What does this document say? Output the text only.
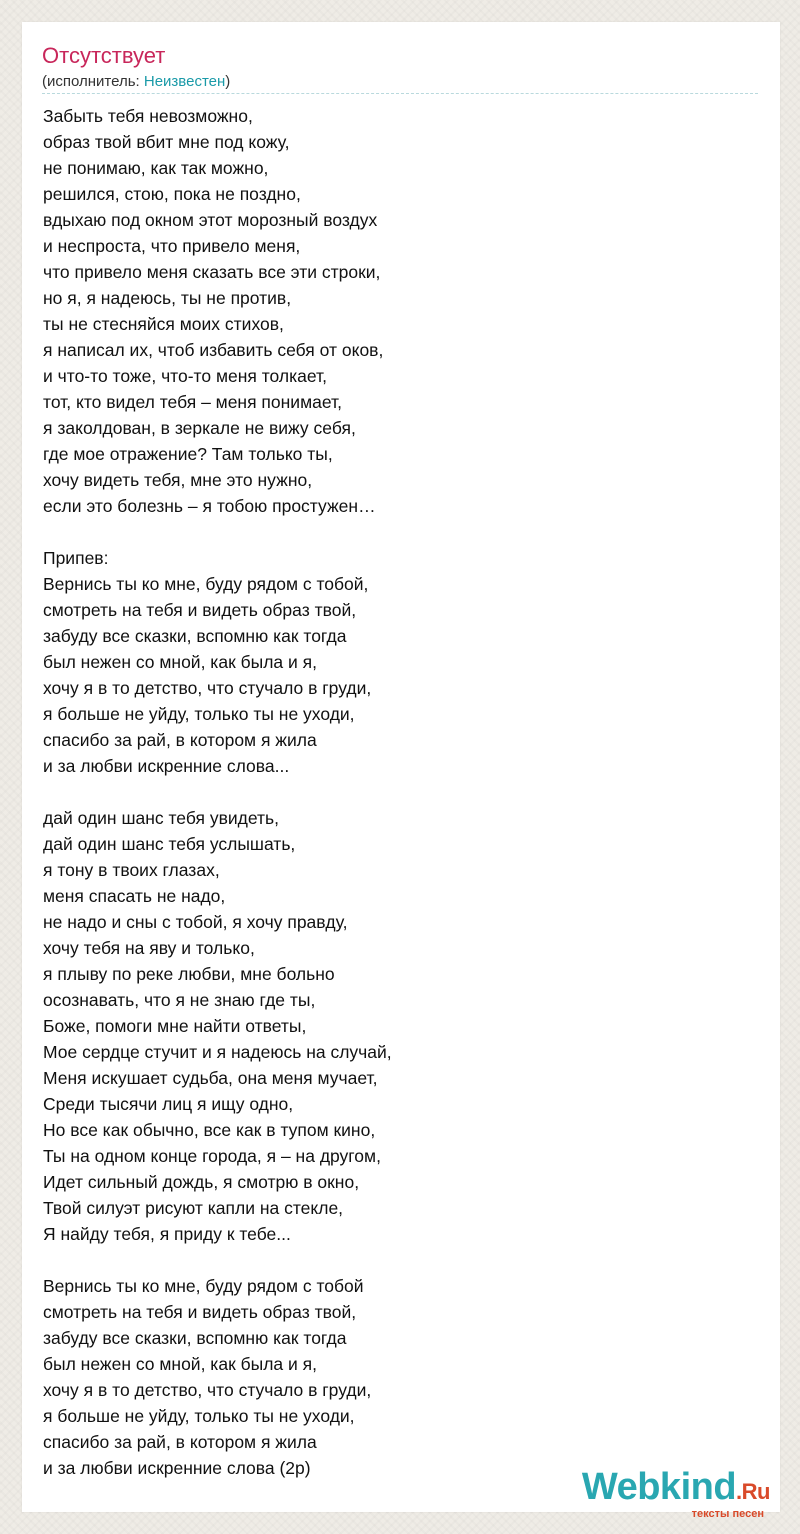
Отсутствует
(исполнитель: Неизвестен)
Забыть тебя невозможно,
образ твой вбит мне под кожу,
не понимаю, как так можно,
решился, стою, пока не поздно,
вдыхаю под окном этот морозный воздух
и неспроста, что привело меня,
что привело меня сказать все эти строки,
но я, я надеюсь, ты не против,
ты не стесняйся моих стихов,
я написал их, чтоб избавить себя от оков,
и что-то тоже, что-то меня толкает,
тот, кто видел тебя – меня понимает,
я заколдован, в зеркале не вижу себя,
где мое отражение? Там только ты,
хочу видеть тебя, мне это нужно,
если это болезнь – я тобою простужен…
Припев:
Вернись ты ко мне, буду рядом с тобой,
смотреть на тебя и видеть образ твой,
забуду все сказки, вспомню как тогда
был нежен со мной, как была и я,
хочу я в то детство, что стучало в груди,
я больше не уйду, только ты не уходи,
спасибо за рай, в котором я жила
и за любви искренние слова...
дай один шанс тебя увидеть,
дай один шанс тебя услышать,
я тону в твоих глазах,
меня спасать не надо,
не надо и сны с тобой, я хочу правду,
хочу тебя на яву и только,
я плыву по реке любви, мне больно
осознавать, что я не знаю где ты,
Боже, помоги мне найти ответы,
Мое сердце стучит и я надеюсь на случай,
Меня искушает судьба, она меня мучает,
Среди тысячи лиц я ищу одно,
Но все как обычно, все как в тупом кино,
Ты на одном конце города, я – на другом,
Идет сильный дождь, я смотрю в окно,
Твой силуэт рисуют капли на стекле,
Я найду тебя, я приду к тебе...
Вернись ты ко мне, буду рядом с тобой
смотреть на тебя и видеть образ твой,
забуду все сказки, вспомню как тогда
был нежен со мной, как была и я,
хочу я в то детство, что стучало в груди,
я больше не уйду, только ты не уходи,
спасибо за рай, в котором я жила
и за любви искренние слова (2р)	Webkind.Ru
тексты песен
